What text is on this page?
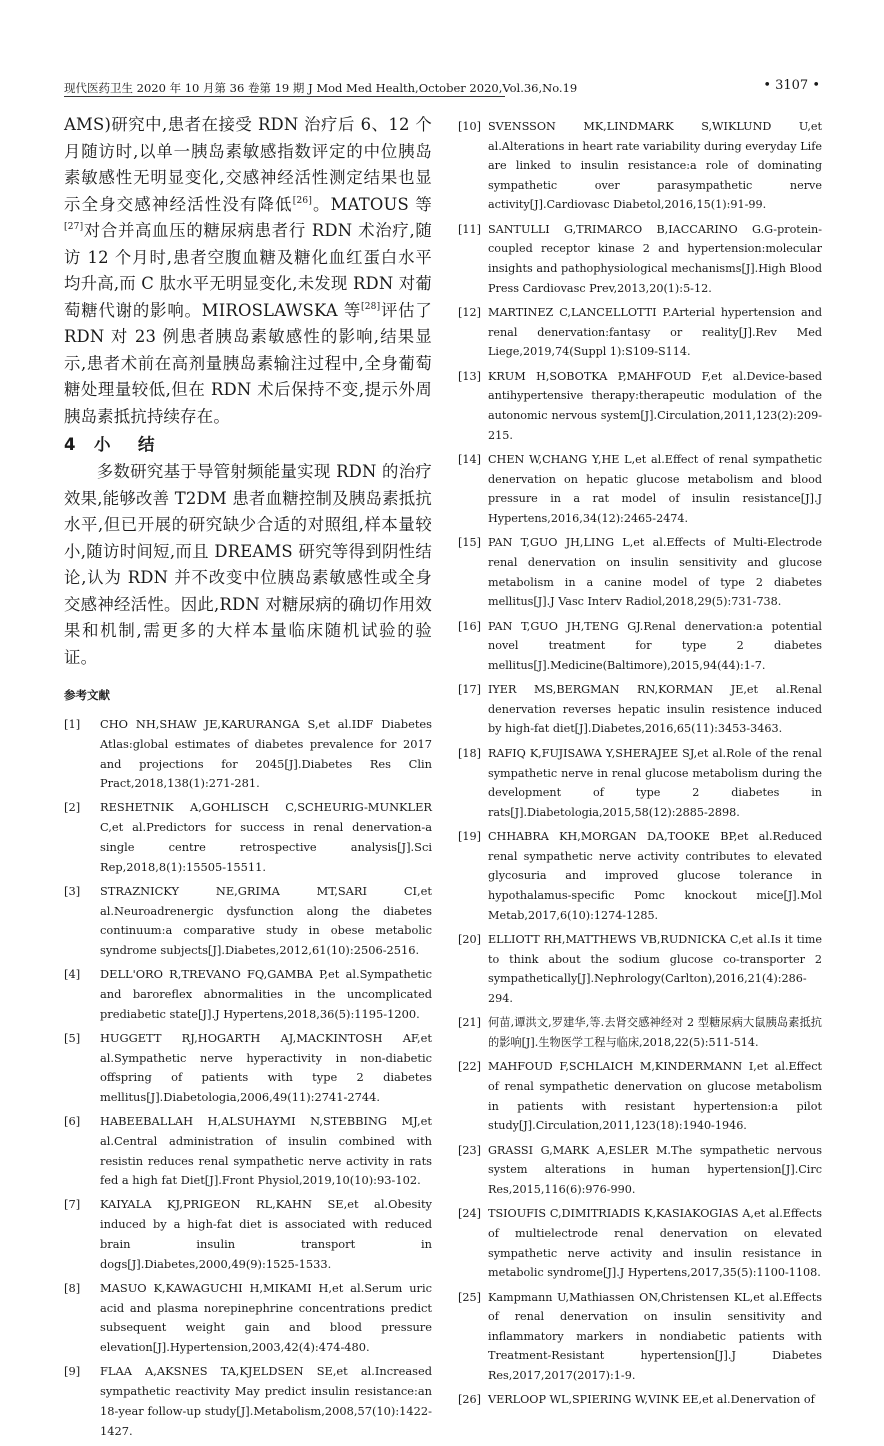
现代医药卫生 2020 年 10 月第 36 卷第 19 期 J Mod Med Health,October 2020,Vol.36,No.19	• 3107 •

AMS)研究中,患者在接受 RDN 治疗后 6、12 个月随访时,以单一胰岛素敏感指数评定的中位胰岛素敏感性无明显变化,交感神经活性测定结果也显示全身交感神经活性没有降低[26]。MATOUS 等[27]对合并高血压的糖尿病患者行 RDN 术治疗,随访 12 个月时,患者空腹血糖及糖化血红蛋白水平均升高,而 C 肽水平无明显变化,未发现 RDN 对葡萄糖代谢的影响。MIROSLAWSKA 等[28]评估了 RDN 对 23 例患者胰岛素敏感性的影响,结果显示,患者术前在高剂量胰岛素输注过程中,全身葡萄糖处理量较低,但在 RDN 术后保持不变,提示外周胰岛素抵抗持续存在。

4 小 结

多数研究基于导管射频能量实现 RDN 的治疗效果,能够改善 T2DM 患者血糖控制及胰岛素抵抗水平,但已开展的研究缺少合适的对照组,样本量较小,随访时间短,而且 DREAMS 研究等得到阴性结论,认为 RDN 并不改变中位胰岛素敏感性或全身交感神经活性。因此,RDN 对糖尿病的确切作用效果和机制,需更多的大样本量临床随机试验的验证。

参考文献
[1] CHO NH,SHAW JE,KARURANGA S,et al.IDF Diabetes Atlas:global estimates of diabetes prevalence for 2017 and projections for 2045[J].Diabetes Res Clin Pract,2018,138(1):271-281.
[2] RESHETNIK A,GOHLISCH C,SCHEURIG-MUNKLER C,et al.Predictors for success in renal denervation-a single centre retrospective analysis[J].Sci Rep,2018,8(1):15505-15511.
[3] STRAZNICKY NE,GRIMA MT,SARI CI,et al.Neuroadrenergic dysfunction along the diabetes continuum:a comparative study in obese metabolic syndrome subjects[J].Diabetes,2012,61(10):2506-2516.
[4] DELL'ORO R,TREVANO FQ,GAMBA P,et al.Sympathetic and baroreflex abnormalities in the uncomplicated prediabetic state[J].J Hypertens,2018,36(5):1195-1200.
[5] HUGGETT RJ,HOGARTH AJ,MACKINTOSH AF,et al.Sympathetic nerve hyperactivity in non-diabetic offspring of patients with type 2 diabetes mellitus[J].Diabetologia,2006,49(11):2741-2744.
[6] HABEEBALLAH H,ALSUHAYMI N,STEBBING MJ,et al.Central administration of insulin combined with resistin reduces renal sympathetic nerve activity in rats fed a high fat Diet[J].Front Physiol,2019,10(10):93-102.
[7] KAIYALA KJ,PRIGEON RL,KAHN SE,et al.Obesity induced by a high-fat diet is associated with reduced brain insulin transport in dogs[J].Diabetes,2000,49(9):1525-1533.
[8] MASUO K,KAWAGUCHI H,MIKAMI H,et al.Serum uric acid and plasma norepinephrine concentrations predict subsequent weight gain and blood pressure elevation[J].Hypertension,2003,42(4):474-480.
[9] FLAA A,AKSNES TA,KJELDSEN SE,et al.Increased sympathetic reactivity May predict insulin resistance:an 18-year follow-up study[J].Metabolism,2008,57(10):1422-1427.
[10] SVENSSON MK,LINDMARK S,WIKLUND U,et al.Alterations in heart rate variability during everyday Life are linked to insulin resistance:a role of dominating sympathetic over parasympathetic nerve activity[J].Cardiovasc Diabetol,2016,15(1):91-99.
[11] SANTULLI G,TRIMARCO B,IACCARINO G.G-protein-coupled receptor kinase 2 and hypertension:molecular insights and pathophysiological mechanisms[J].High Blood Press Cardiovasc Prev,2013,20(1):5-12.
[12] MARTINEZ C,LANCELLOTTI P.Arterial hypertension and renal denervation:fantasy or reality[J].Rev Med Liege,2019,74(Suppl 1):S109-S114.
[13] KRUM H,SOBOTKA P,MAHFOUD F,et al.Device-based antihypertensive therapy:therapeutic modulation of the autonomic nervous system[J].Circulation,2011,123(2):209-215.
[14] CHEN W,CHANG Y,HE L,et al.Effect of renal sympathetic denervation on hepatic glucose metabolism and blood pressure in a rat model of insulin resistance[J].J Hypertens,2016,34(12):2465-2474.
[15] PAN T,GUO JH,LING L,et al.Effects of Multi-Electrode renal denervation on insulin sensitivity and glucose metabolism in a canine model of type 2 diabetes mellitus[J].J Vasc Interv Radiol,2018,29(5):731-738.
[16] PAN T,GUO JH,TENG GJ.Renal denervation:a potential novel treatment for type 2 diabetes mellitus[J].Medicine(Baltimore),2015,94(44):1-7.
[17] IYER MS,BERGMAN RN,KORMAN JE,et al.Renal denervation reverses hepatic insulin resistence induced by high-fat diet[J].Diabetes,2016,65(11):3453-3463.
[18] RAFIQ K,FUJISAWA Y,SHERAJEE SJ,et al.Role of the renal sympathetic nerve in renal glucose metabolism during the development of type 2 diabetes in rats[J].Diabetologia,2015,58(12):2885-2898.
[19] CHHABRA KH,MORGAN DA,TOOKE BP,et al.Reduced renal sympathetic nerve activity contributes to elevated glycosuria and improved glucose tolerance in hypothalamus-specific Pomc knockout mice[J].Mol Metab,2017,6(10):1274-1285.
[20] ELLIOTT RH,MATTHEWS VB,RUDNICKA C,et al.Is it time to think about the sodium glucose co-transporter 2 sympathetically[J].Nephrology(Carlton),2016,21(4):286-294.
[21] 何苗,谭洪文,罗建华,等.去肾交感神经对 2 型糖尿病大鼠胰岛素抵抗的影响[J].生物医学工程与临床,2018,22(5):511-514.
[22] MAHFOUD F,SCHLAICH M,KINDERMANN I,et al.Effect of renal sympathetic denervation on glucose metabolism in patients with resistant hypertension:a pilot study[J].Circulation,2011,123(18):1940-1946.
[23] GRASSI G,MARK A,ESLER M.The sympathetic nervous system alterations in human hypertension[J].Circ Res,2015,116(6):976-990.
[24] TSIOUFIS C,DIMITRIADIS K,KASIAKOGIAS A,et al.Effects of multielectrode renal denervation on elevated sympathetic nerve activity and insulin resistance in metabolic syndrome[J].J Hypertens,2017,35(5):1100-1108.
[25] Kampmann U,Mathiassen ON,Christensen KL,et al.Effects of renal denervation on insulin sensitivity and inflammatory markers in nondiabetic patients with Treatment-Resistant hypertension[J].J Diabetes Res,2017,2017(2017):1-9.
[26] VERLOOP WL,SPIERING W,VINK EE,et al.Denervation of
